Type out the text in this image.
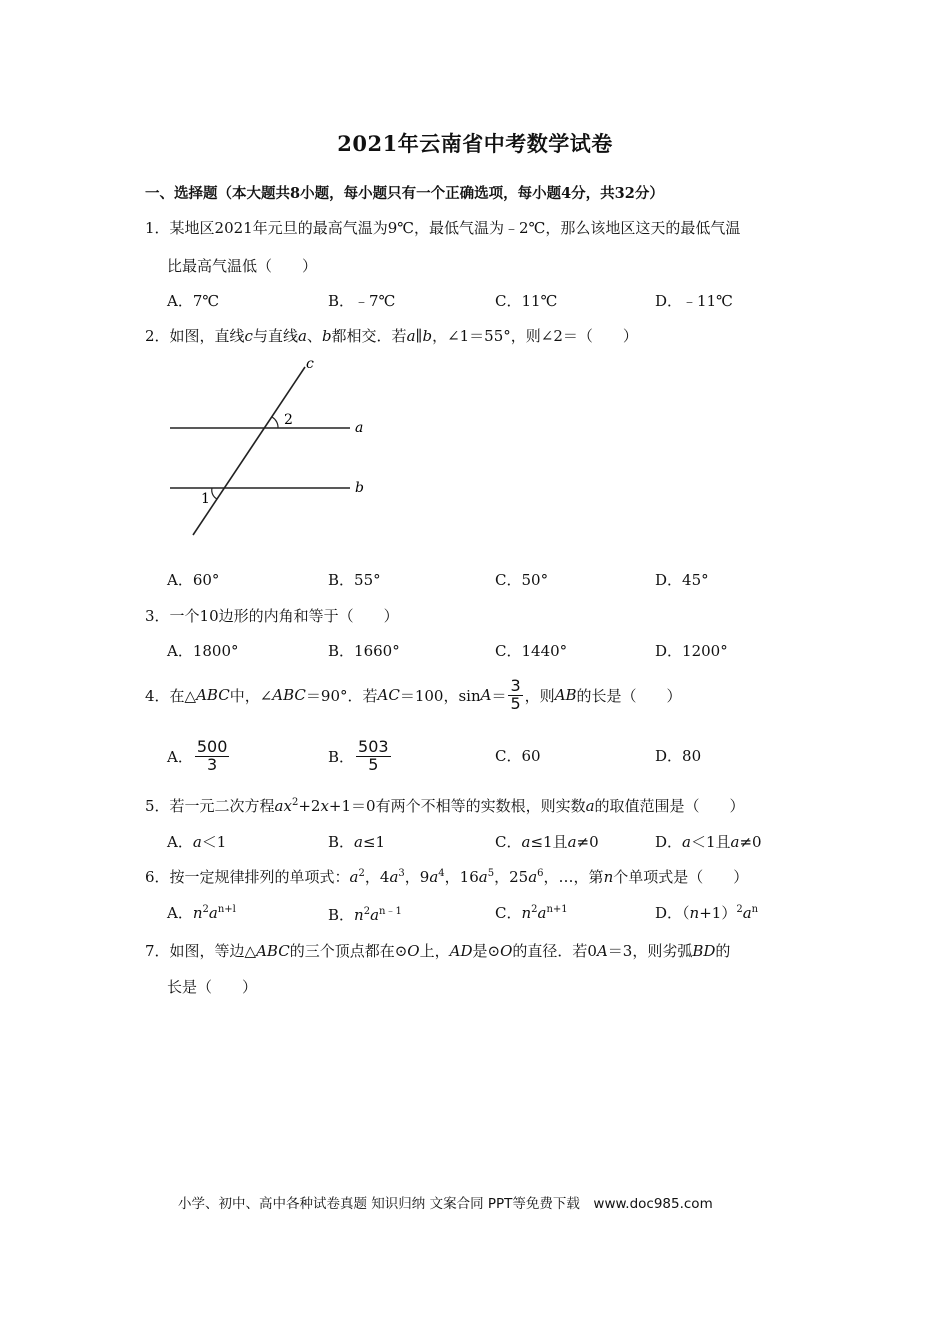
2021年云南省中考数学试卷
一、选择题（本大题共8小题，每小题只有一个正确选项，每小题4分，共32分）
1．某地区2021年元旦的最高气温为9℃，最低气温为﹣2℃，那么该地区这天的最低气温
比最高气温低（　　）
A．7℃	B．﹣7℃	C．11℃	D．﹣11℃
2．如图，直线c与直线a、b都相交．若a∥b，∠1＝55°，则∠2＝（　　）
c
a
b
2
1
A．60°	B．55°	C．50°	D．45°
3．一个10边形的内角和等于（　　）
A．1800°	B．1660°	C．1440°	D．1200°
4．在△ ABC 中，∠ ABC ＝90°．若 AC ＝100，$\sin A = \frac{3}{5}$ ，则 AB 的长是（　　）
A． $\frac{500}{3}$	B． $\frac{503}{5}$	C．60	D．80
5．若一元二次方程$ax^2+2x+1=0$有两个不相等的实数根，则实数a的取值范围是（　　）
A．a＜1	B．a≤1	C．a≤1且a≠0	D．a＜1且a≠0
6．按一定规律排列的单项式：$a^2$，$4a^3$，$9a^4$，$16a^5$，$25a^6$，…，第n个单项式是（　　）
A．$n^2a^{n+l}$	B．$n^2a^{n﹣1}$	C．$n^2a^{n+1}$	D．$(n+1)^2a^n$
7．如图，等边△ABC的三个顶点都在⊙O上，AD是⊙O的直径．若0A＝3，则劣弧BD的
长是（　　）
小学、初中、高中各种试卷真题 知识归纳 文案合同 PPT等免费下载　www.doc985.com
